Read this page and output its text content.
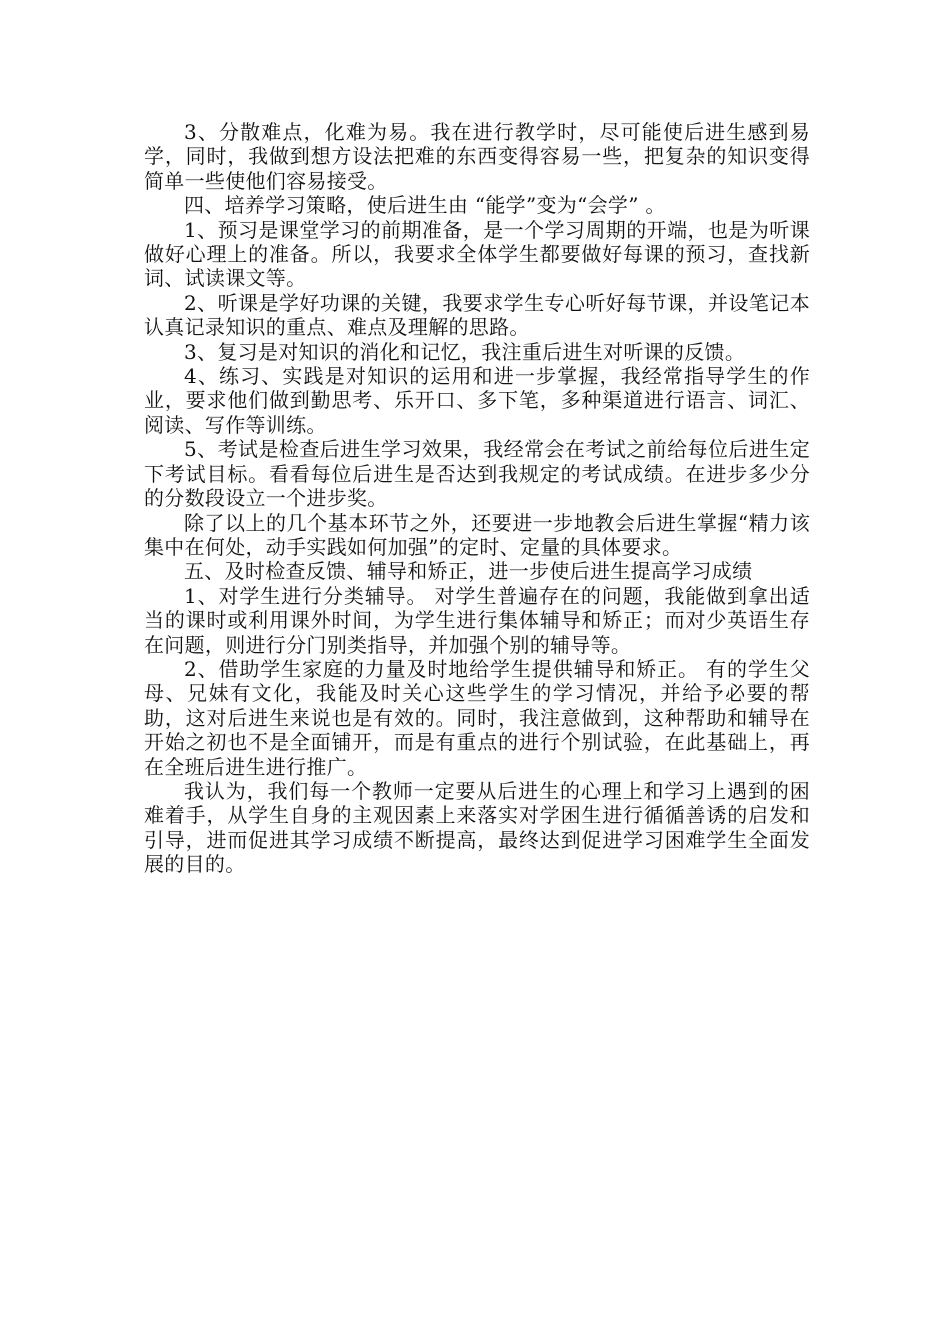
3、分散难点，化难为易。我在进行教学时，尽可能使后进生感到易学，同时，我做到想方设法把难的东西变得容易一些，把复杂的知识变得简单一些使他们容易接受。

四、培养学习策略，使后进生由 “能学”变为“会学” 。

1、预习是课堂学习的前期准备，是一个学习周期的开端，也是为听课做好心理上的准备。所以，我要求全体学生都要做好每课的预习，查找新词、试读课文等。

2、听课是学好功课的关键，我要求学生专心听好每节课，并设笔记本认真记录知识的重点、难点及理解的思路。

3、复习是对知识的消化和记忆，我注重后进生对听课的反馈。

4、练习、实践是对知识的运用和进一步掌握，我经常指导学生的作业，要求他们做到勤思考、乐开口、多下笔，多种渠道进行语言、词汇、阅读、写作等训练。

5、考试是检查后进生学习效果，我经常会在考试之前给每位后进生定下考试目标。看看每位后进生是否达到我规定的考试成绩。在进步多少分的分数段设立一个进步奖。

除了以上的几个基本环节之外，还要进一步地教会后进生掌握“精力该集中在何处，动手实践如何加强”的定时、定量的具体要求。

五、及时检查反馈、辅导和矫正，进一步使后进生提高学习成绩

1、对学生进行分类辅导。 对学生普遍存在的问题，我能做到拿出适当的课时或利用课外时间，为学生进行集体辅导和矫正；而对少英语生存在问题，则进行分门别类指导，并加强个别的辅导等。

2、借助学生家庭的力量及时地给学生提供辅导和矫正。 有的学生父母、兄妹有文化，我能及时关心这些学生的学习情况，并给予必要的帮助，这对后进生来说也是有效的。同时，我注意做到，这种帮助和辅导在开始之初也不是全面铺开，而是有重点的进行个别试验，在此基础上，再在全班后进生进行推广。

我认为，我们每一个教师一定要从后进生的心理上和学习上遇到的困难着手，从学生自身的主观因素上来落实对学困生进行循循善诱的启发和引导，进而促进其学习成绩不断提高，最终达到促进学习困难学生全面发展的目的。
